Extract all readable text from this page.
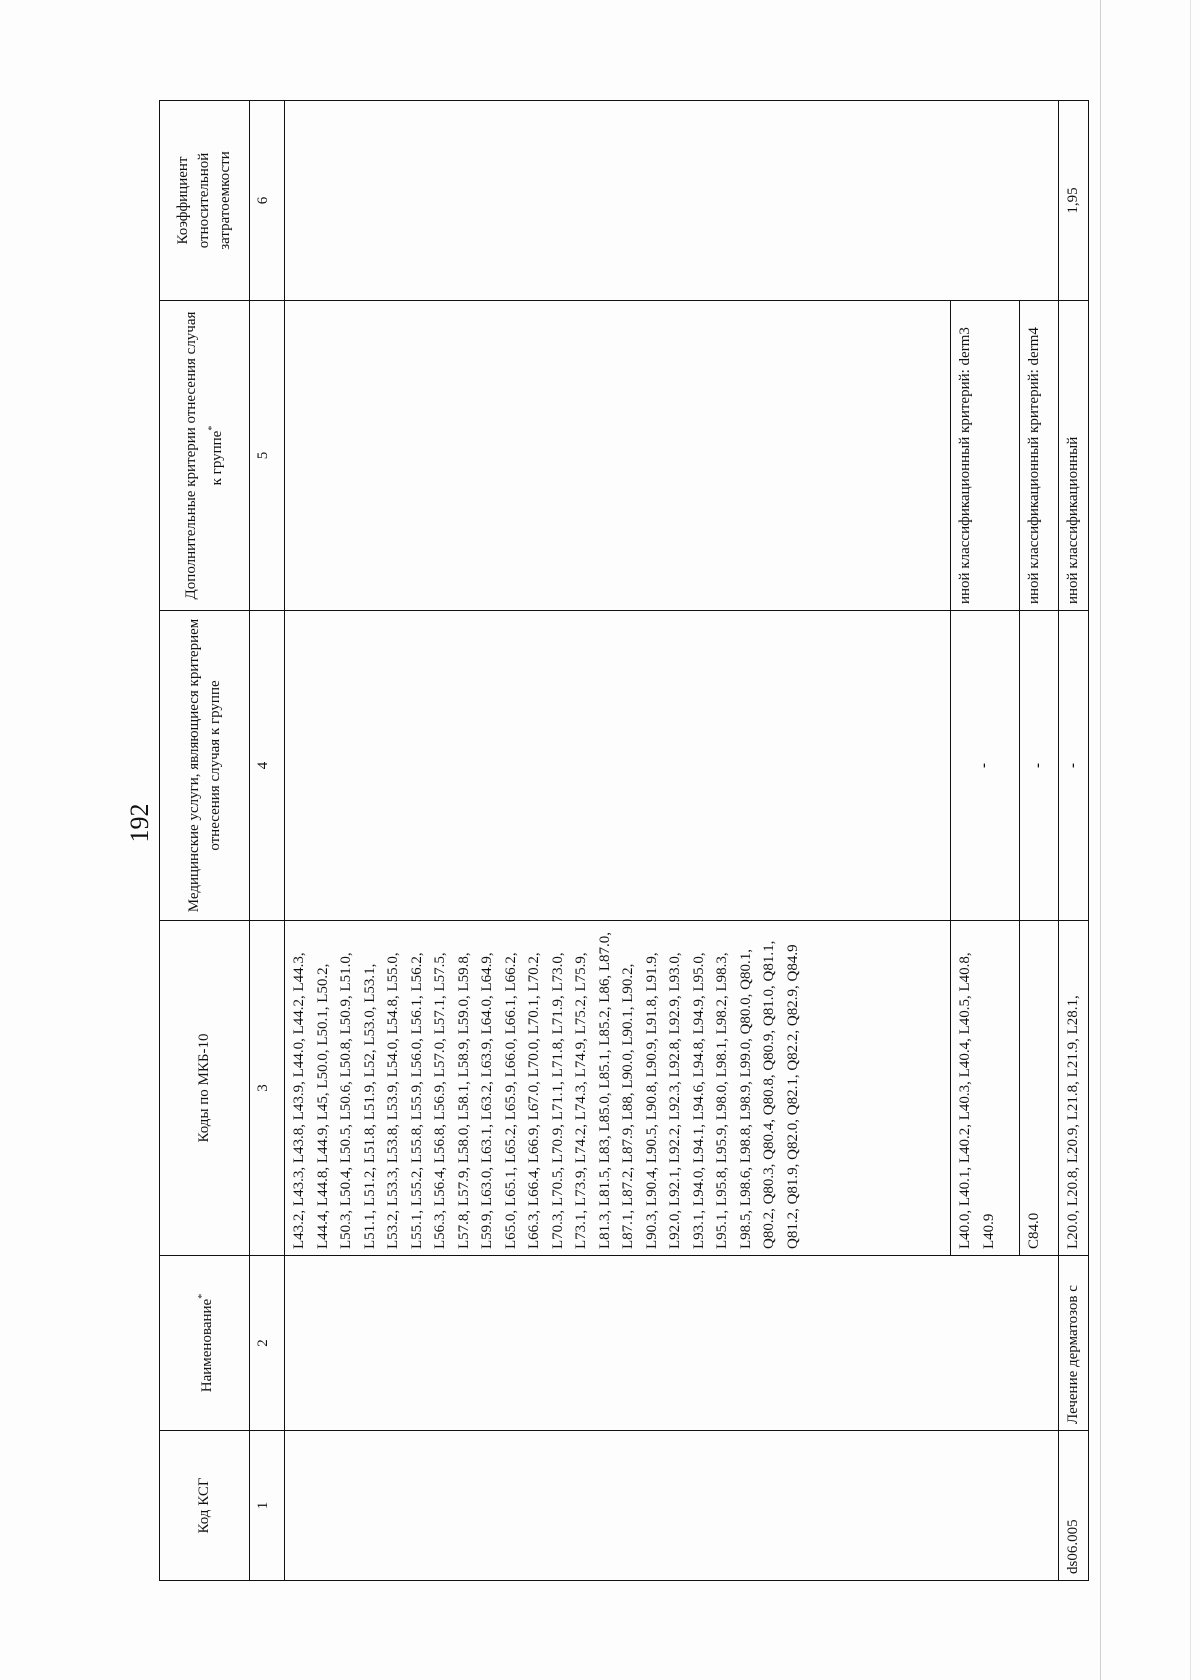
192
Код КСГ	Наименование*	Коды по МКБ-10	Медицинские услуги, являющиеся критерием отнесения случая к группе	Дополнительные критерии отнесения случая к группе*	Коэффициент относительной затратоемкости
1	2	3	4	5	6
		L43.2, L43.3, L43.8, L43.9, L44.0, L44.2, L44.3, L44.4, L44.8, L44.9, L45, L50.0, L50.1, L50.2, L50.3, L50.4, L50.5, L50.6, L50.8, L50.9, L51.0, L51.1, L51.2, L51.8, L51.9, L52, L53.0, L53.1, L53.2, L53.3, L53.8, L53.9, L54.0, L54.8, L55.0, L55.1, L55.2, L55.8, L55.9, L56.0, L56.1, L56.2, L56.3, L56.4, L56.8, L56.9, L57.0, L57.1, L57.5, L57.8, L57.9, L58.0, L58.1, L58.9, L59.0, L59.8, L59.9, L63.0, L63.1, L63.2, L63.9, L64.0, L64.9, L65.0, L65.1, L65.2, L65.9, L66.0, L66.1, L66.2, L66.3, L66.4, L66.9, L67.0, L70.0, L70.1, L70.2, L70.3, L70.5, L70.9, L71.1, L71.8, L71.9, L73.0, L73.1, L73.9, L74.2, L74.3, L74.9, L75.2, L75.9, L81.3, L81.5, L83, L85.0, L85.1, L85.2, L86, L87.0, L87.1, L87.2, L87.9, L88, L90.0, L90.1, L90.2, L90.3, L90.4, L90.5, L90.8, L90.9, L91.8, L91.9, L92.0, L92.1, L92.2, L92.3, L92.8, L92.9, L93.0, L93.1, L94.0, L94.1, L94.6, L94.8, L94.9, L95.0, L95.1, L95.8, L95.9, L98.0, L98.1, L98.2, L98.3, L98.5, L98.6, L98.8, L98.9, L99.0, Q80.0, Q80.1, Q80.2, Q80.3, Q80.4, Q80.8, Q80.9, Q81.0, Q81.1, Q81.2, Q81.9, Q82.0, Q82.1, Q82.2, Q82.9, Q84.9			
		L40.0, L40.1, L40.2, L40.3, L40.4, L40.5, L40.8, L40.9	-	иной классификационный критерий: derm3	
		C84.0	-	иной классификационный критерий: derm4	
ds06.005	Лечение дерматозов с	L20.0, L20.8, L20.9, L21.8, L21.9, L28.1,	-	иной классификационный	1,95
